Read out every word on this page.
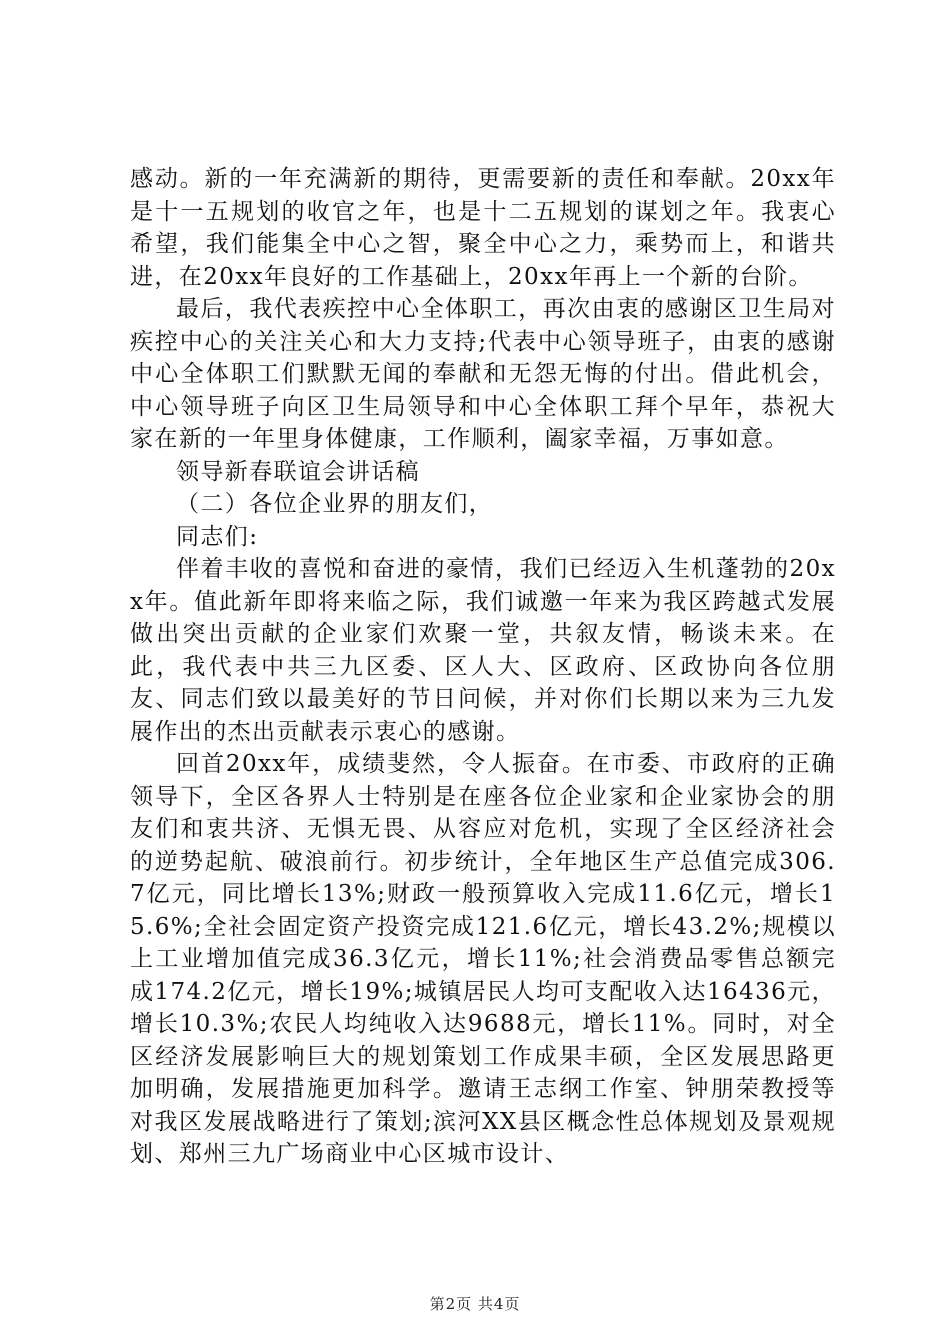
感动。新的一年充满新的期待，更需要新的责任和奉献。20xx年是十一五规划的收官之年，也是十二五规划的谋划之年。我衷心希望，我们能集全中心之智，聚全中心之力，乘势而上，和谐共进，在20xx年良好的工作基础上，20xx年再上一个新的台阶。

最后，我代表疾控中心全体职工，再次由衷的感谢区卫生局对疾控中心的关注关心和大力支持;代表中心领导班子，由衷的感谢中心全体职工们默默无闻的奉献和无怨无悔的付出。借此机会，中心领导班子向区卫生局领导和中心全体职工拜个早年，恭祝大家在新的一年里身体健康，工作顺利，阖家幸福，万事如意。

领导新春联谊会讲话稿

（二）各位企业界的朋友们，

同志们:

伴着丰收的喜悦和奋进的豪情，我们已经迈入生机蓬勃的20xx年。值此新年即将来临之际，我们诚邀一年来为我区跨越式发展做出突出贡献的企业家们欢聚一堂，共叙友情，畅谈未来。在此，我代表中共三九区委、区人大、区政府、区政协向各位朋友、同志们致以最美好的节日问候，并对你们长期以来为三九发展作出的杰出贡献表示衷心的感谢。

回首20xx年，成绩斐然，令人振奋。在市委、市政府的正确领导下，全区各界人士特别是在座各位企业家和企业家协会的朋友们和衷共济、无惧无畏、从容应对危机，实现了全区经济社会的逆势起航、破浪前行。初步统计，全年地区生产总值完成306.7亿元，同比增长13%;财政一般预算收入完成11.6亿元，增长15.6%;全社会固定资产投资完成121.6亿元，增长43.2%;规模以上工业增加值完成36.3亿元，增长11%;社会消费品零售总额完成174.2亿元，增长19%;城镇居民人均可支配收入达16436元，增长10.3%;农民人均纯收入达9688元，增长11%。同时，对全区经济发展影响巨大的规划策划工作成果丰硕，全区发展思路更加明确，发展措施更加科学。邀请王志纲工作室、钟朋荣教授等对我区发展战略进行了策划;滨河XX县区概念性总体规划及景观规划、郑州三九广场商业中心区城市设计、

第2页 共4页
